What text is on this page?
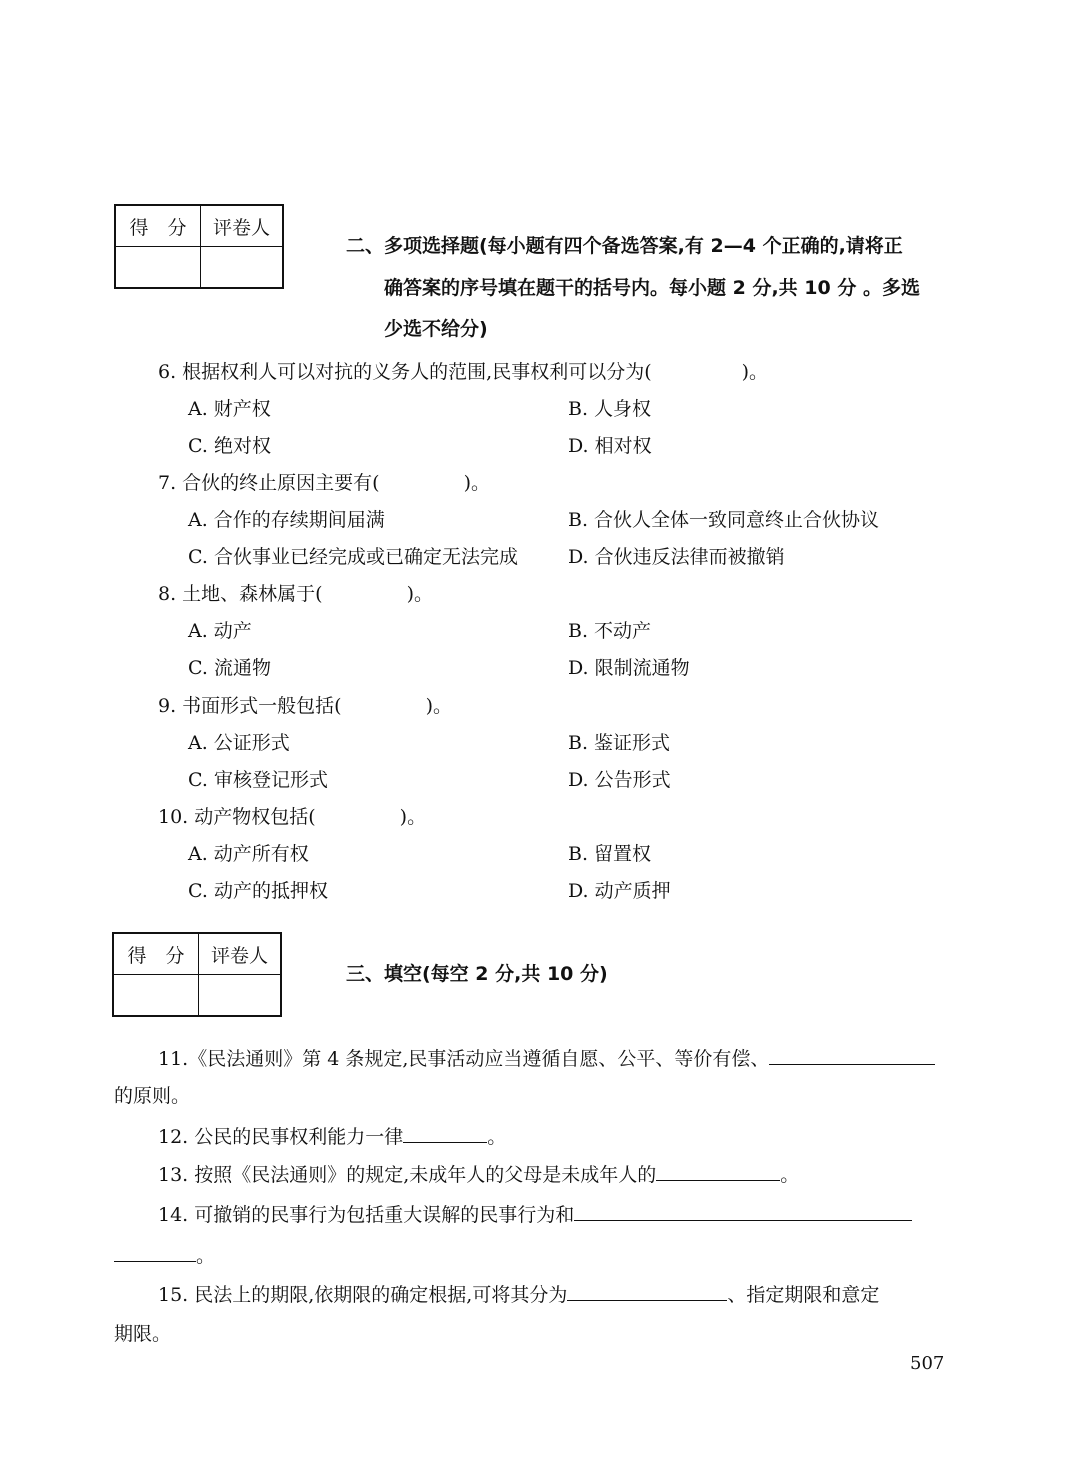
得　分	评卷人

二、多项选择题(每小题有四个备选答案,有 2—4 个正确的,请将正
确答案的序号填在题干的括号内。每小题 2 分,共 10 分 。多选
少选不给分)
6. 根据权利人可以对抗的义务人的范围,民事权利可以分为(	)。
A. 财产权	B. 人身权
C. 绝对权	D. 相对权
7. 合伙的终止原因主要有(	)。
A. 合作的存续期间届满	B. 合伙人全体一致同意终止合伙协议
C. 合伙事业已经完成或已确定无法完成	D. 合伙违反法律而被撤销
8. 土地、森林属于(	)。
A. 动产	B. 不动产
C. 流通物	D. 限制流通物
9. 书面形式一般包括(	)。
A. 公证形式	B. 鉴证形式
C. 审核登记形式	D. 公告形式
10. 动产物权包括(	)。
A. 动产所有权	B. 留置权
C. 动产的抵押权	D. 动产质押
得　分	评卷人

三、填空(每空 2 分,共 10 分)
11.《民法通则》第 4 条规定,民事活动应当遵循自愿、公平、等价有偿、
的原则。
12. 公民的民事权利能力一律	。
13. 按照《民法通则》的规定,未成年人的父母是未成年人的	。
14. 可撤销的民事行为包括重大误解的民事行为和
。
15. 民法上的期限,依期限的确定根据,可将其分为	、指定期限和意定
期限。
507
